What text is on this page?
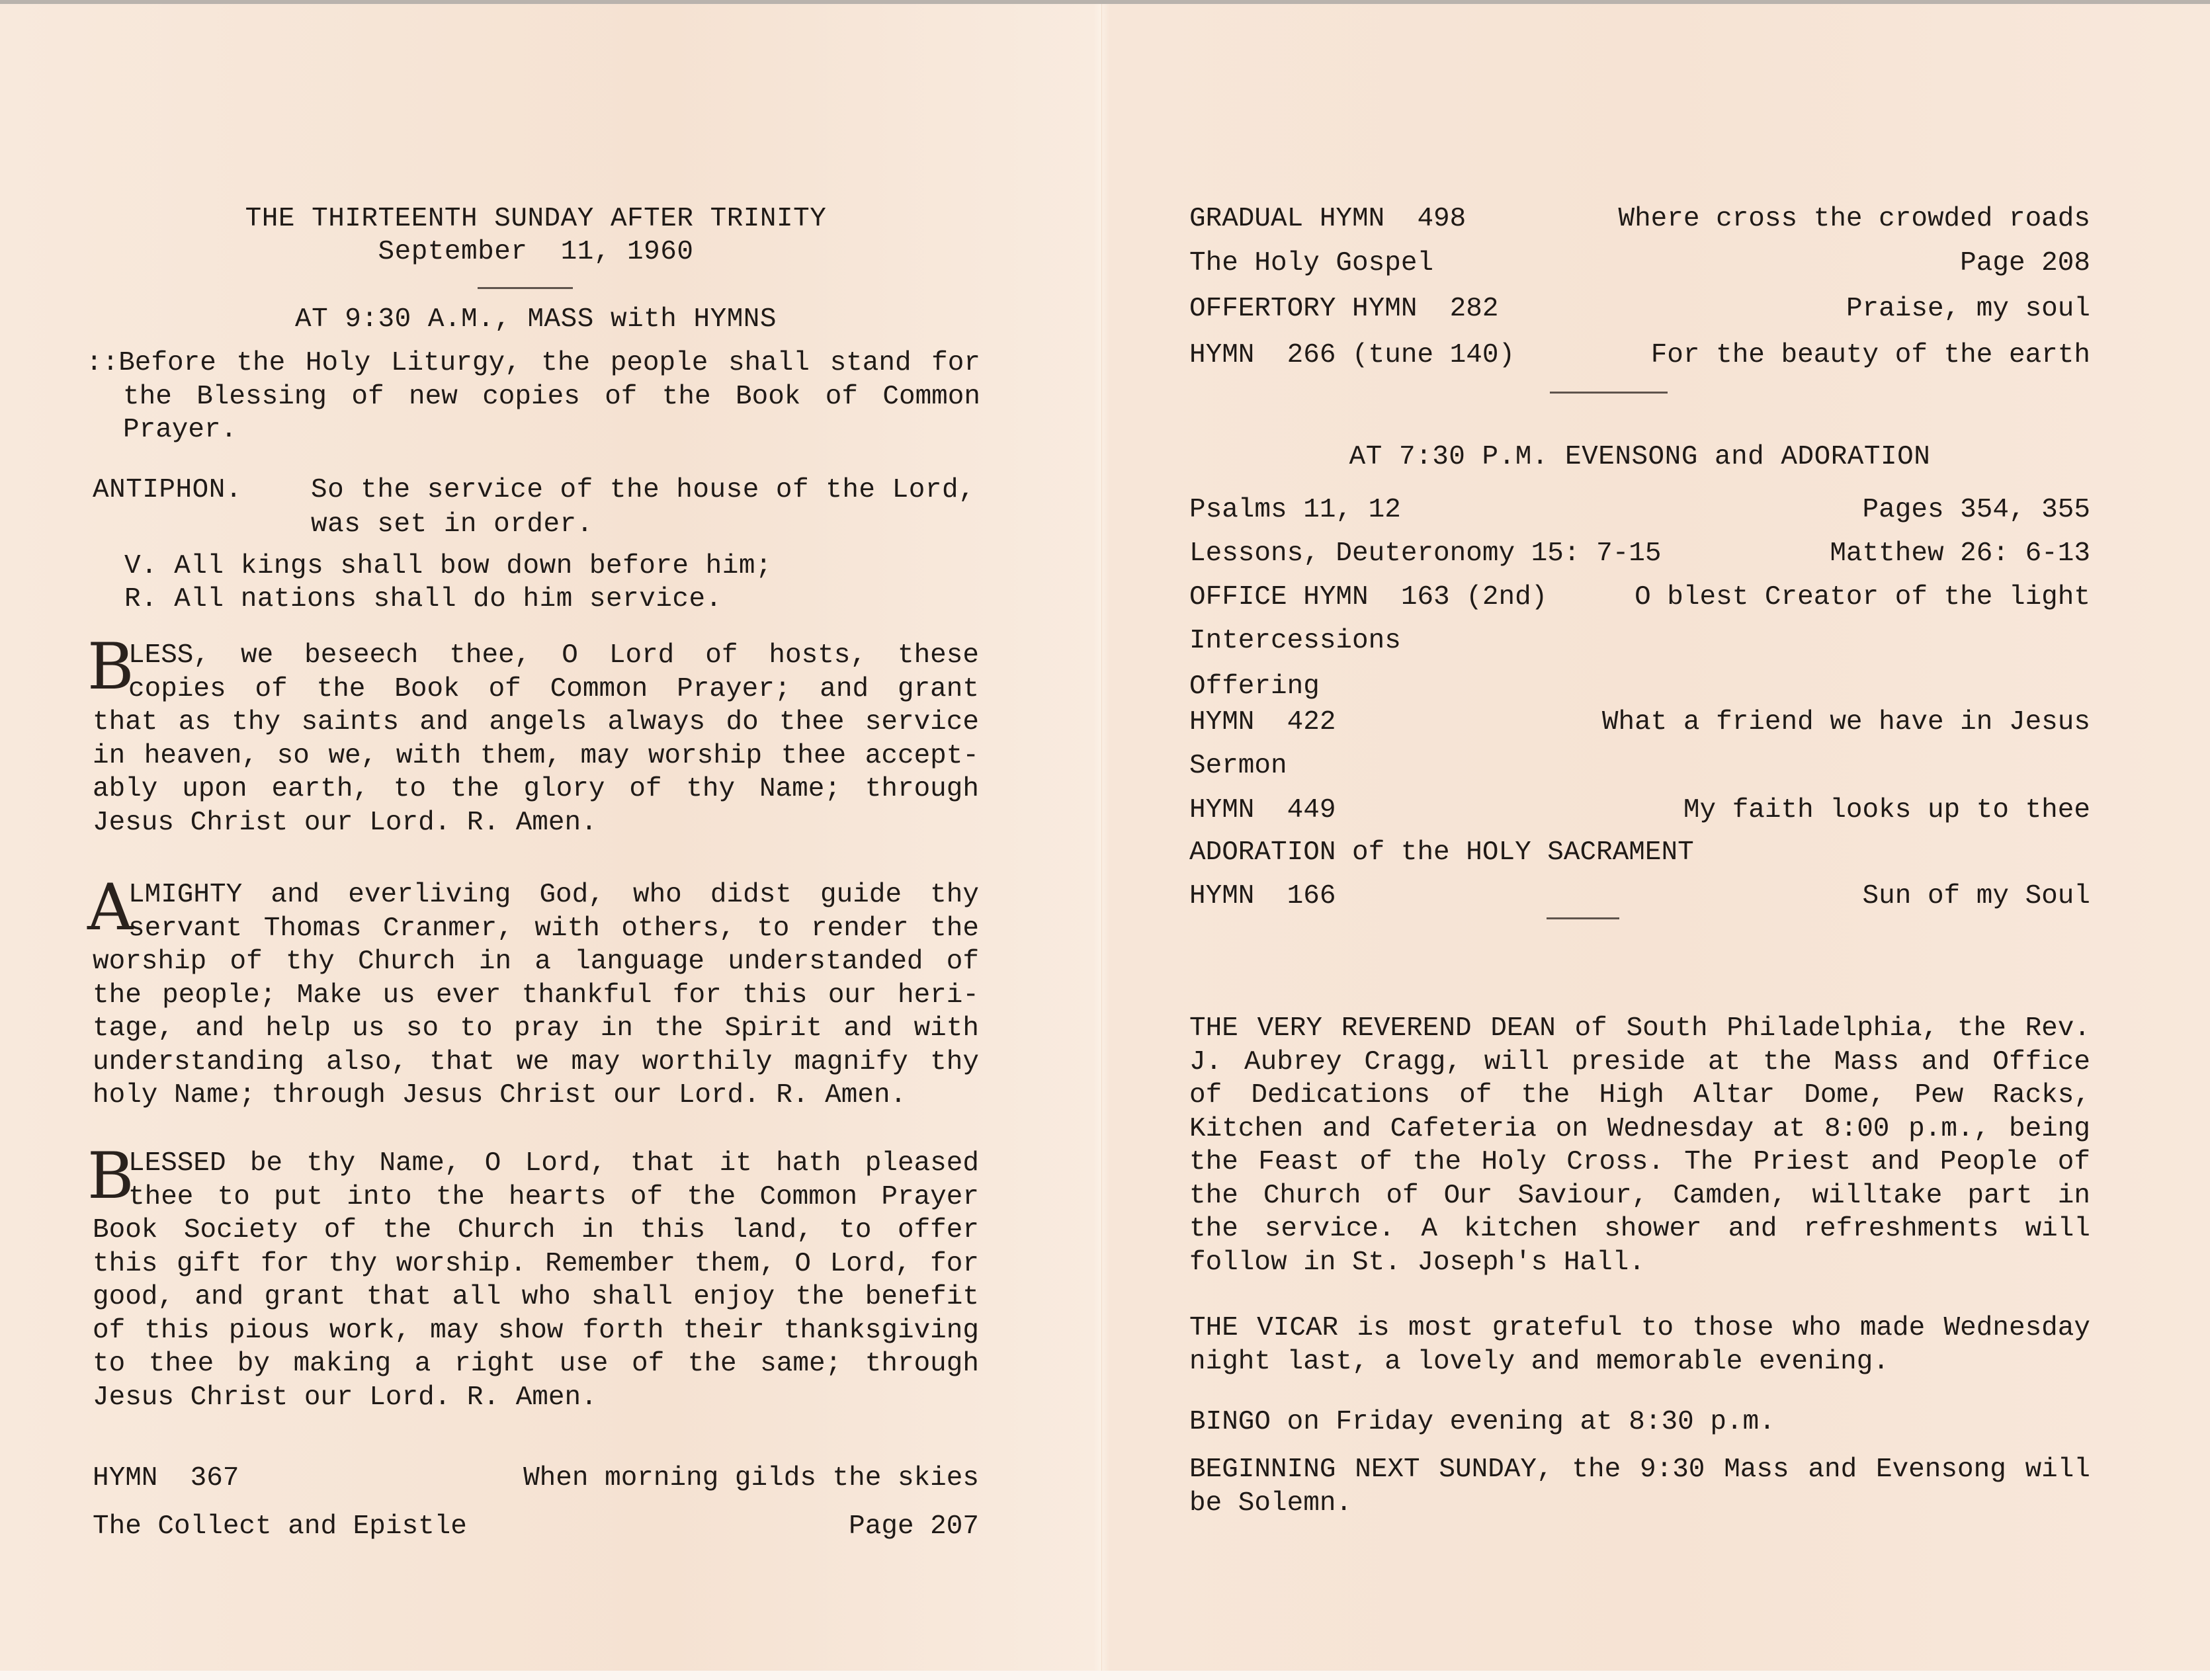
THE THIRTEENTH SUNDAY AFTER TRINITY
September  11, 1960
AT 9:30 A.M., MASS with HYMNS
::Before the Holy Liturgy, the people shall stand for
the Blessing of new copies of the Book of Common
Prayer.
ANTIPHON.	So the service of the house of the Lord,
was set in order.
V. All kings shall bow down before him;
R. All nations shall do him service.
B
LESS, we beseech thee, O Lord of hosts, these
copies of the Book of Common Prayer; and grant
that as thy saints and angels always do thee service
in heaven, so we, with them, may worship thee accept-
ably upon earth, to the glory of thy Name; through
Jesus Christ our Lord. R. Amen.
A
LMIGHTY and everliving God, who didst guide thy
servant Thomas Cranmer, with others, to render the
worship of thy Church in a language understanded of
the people; Make us ever thankful for this our heri-
tage, and help us so to pray in the Spirit and with
understanding also, that we may worthily magnify thy
holy Name; through Jesus Christ our Lord. R. Amen.
B
LESSED be thy Name, O Lord, that it hath pleased
thee to put into the hearts of the Common Prayer
Book Society of the Church in this land, to offer
this gift for thy worship. Remember them, O Lord, for
good, and grant that all who shall enjoy the benefit
of this pious work, may show forth their thanksgiving
to thee by making a right use of the same; through
Jesus Christ our Lord. R. Amen.
HYMN  367	When morning gilds the skies
The Collect and Epistle	Page 207
GRADUAL HYMN  498	Where cross the crowded roads
The Holy Gospel	Page 208
OFFERTORY HYMN  282	Praise, my soul
HYMN  266 (tune 140)	For the beauty of the earth
AT 7:30 P.M. EVENSONG and ADORATION
Psalms 11, 12	Pages 354, 355
Lessons, Deuteronomy 15: 7-15	Matthew 26: 6-13
OFFICE HYMN  163 (2nd)	O blest Creator of the light
Intercessions
Offering
HYMN  422	What a friend we have in Jesus
Sermon
HYMN  449	My faith looks up to thee
ADORATION of the HOLY SACRAMENT
HYMN  166	Sun of my Soul
THE VERY REVEREND DEAN of South Philadelphia, the Rev.
J. Aubrey Cragg, will preside at the Mass and Office
of Dedications of the High Altar Dome, Pew Racks,
Kitchen and Cafeteria on Wednesday at 8:00 p.m., being
the Feast of the Holy Cross. The Priest and People of
the Church of Our Saviour, Camden, willtake part in
the service. A kitchen shower and refreshments will
follow in St. Joseph's Hall.
THE VICAR is most grateful to those who made Wednesday
night last, a lovely and memorable evening.
BINGO on Friday evening at 8:30 p.m.
BEGINNING NEXT SUNDAY, the 9:30 Mass and Evensong will
be Solemn.
